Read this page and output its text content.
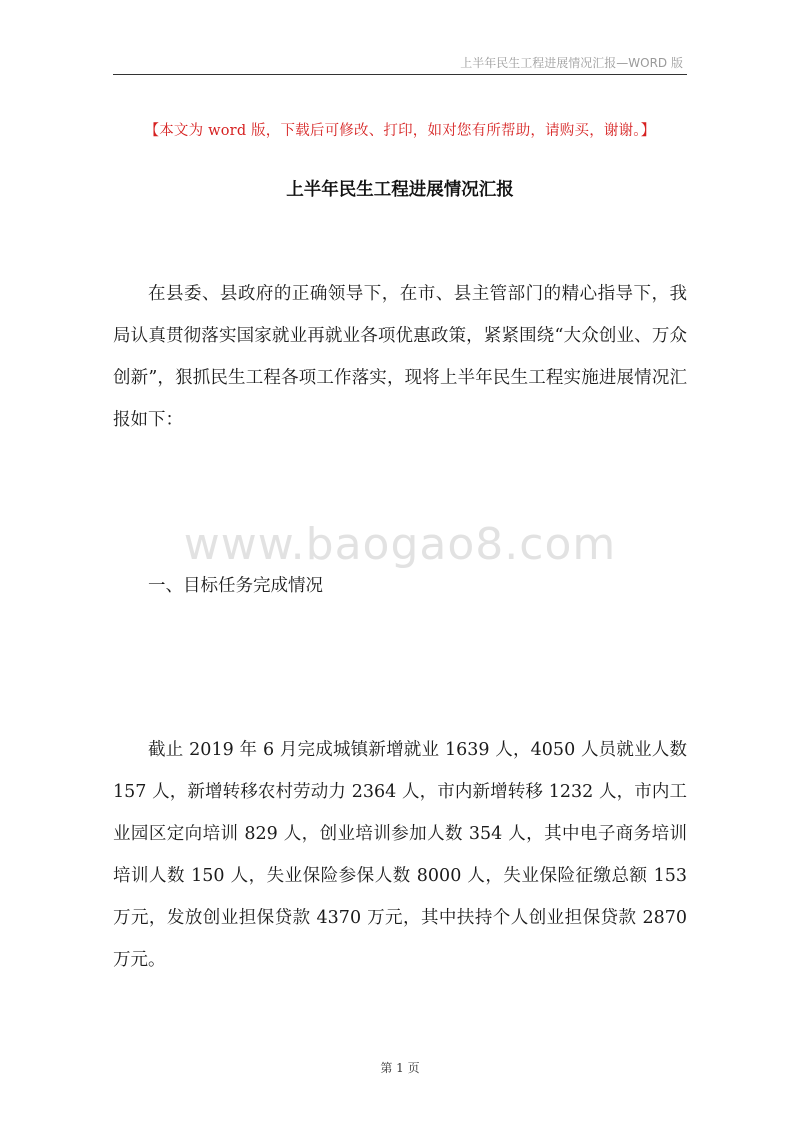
上半年民生工程进展情况汇报—WORD 版
【本文为 word 版，下载后可修改、打印，如对您有所帮助，请购买，谢谢。】
上半年民生工程进展情况汇报

在县委、县政府的正确领导下，在市、县主管部门的精心指导下，我局认真贯彻落实国家就业再就业各项优惠政策，紧紧围绕“大众创业、万众创新”，狠抓民生工程各项工作落实，现将上半年民生工程实施进展情况汇报如下：

www.baogao8.com
一、目标任务完成情况

截止 2019 年 6 月完成城镇新增就业 1639 人，4050 人员就业人数 157 人，新增转移农村劳动力 2364 人，市内新增转移 1232 人，市内工业园区定向培训 829 人，创业培训参加人数 354 人，其中电子商务培训培训人数 150 人，失业保险参保人数 8000 人，失业保险征缴总额 153 万元，发放创业担保贷款 4370 万元，其中扶持个人创业担保贷款 2870 万元。

第 1 页
